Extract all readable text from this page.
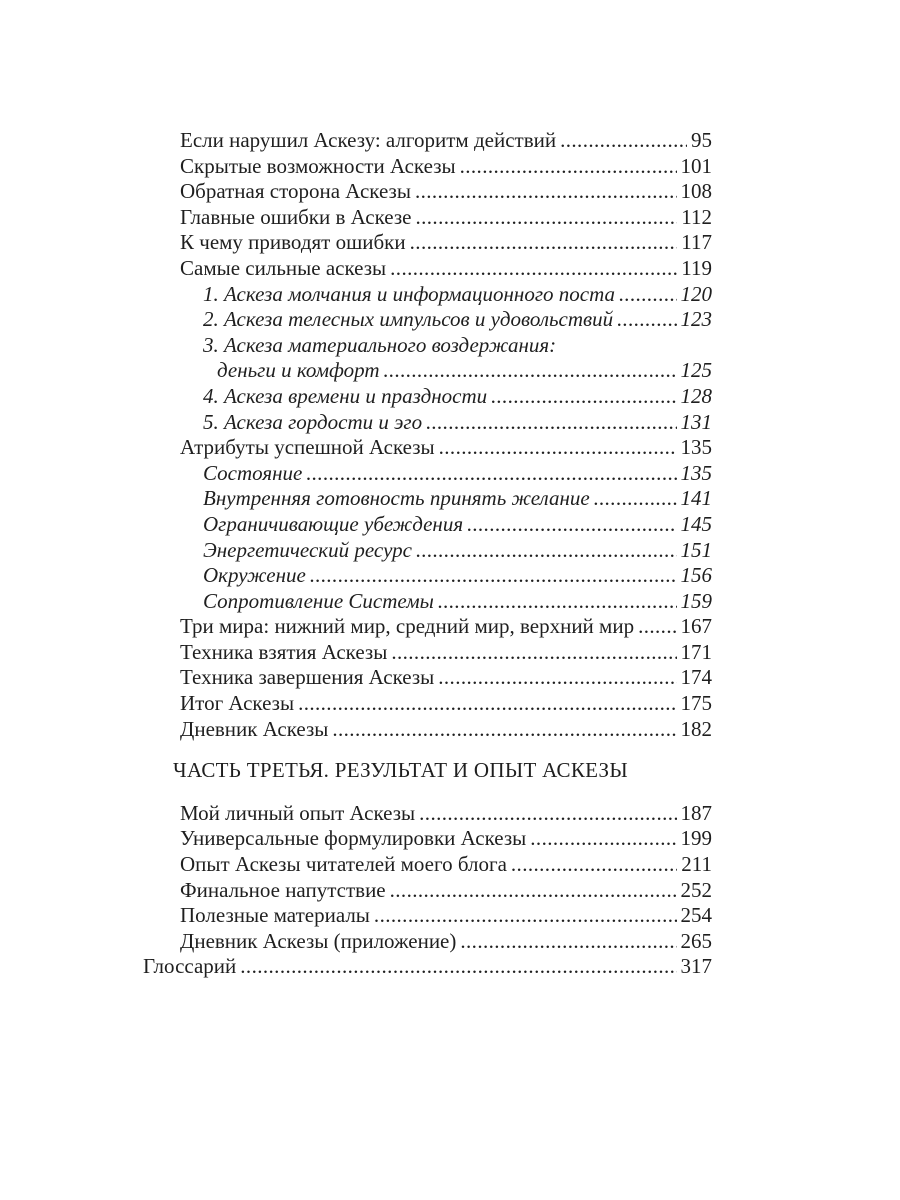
Если нарушил Аскезу: алгоритм действий .....	95
Скрытые возможности Аскезы .....	101
Обратная сторона Аскезы .....	108
Главные ошибки в Аскезе .....	112
К чему приводят ошибки .....	117
Самые сильные аскезы .....	119
1. Аскеза молчания и информационного поста .....	120
2. Аскеза телесных импульсов и удовольствий .....	123
3. Аскеза материального воздержания:
деньги и комфорт .....	125
4. Аскеза времени и праздности .....	128
5. Аскеза гордости и эго .....	131
Атрибуты успешной Аскезы .....	135
Состояние .....	135
Внутренняя готовность принять желание .....	141
Ограничивающие убеждения .....	145
Энергетический ресурс .....	151
Окружение .....	156
Сопротивление Системы .....	159
Три мира: нижний мир, средний мир, верхний мир ..... 167
Техника взятия Аскезы .....	171
Техника завершения Аскезы .....	174
Итог Аскезы .....	175
Дневник Аскезы .....	182
ЧАСТЬ ТРЕТЬЯ. РЕЗУЛЬТАТ И ОПЫТ АСКЕЗЫ
Мой личный опыт Аскезы .....	187
Универсальные формулировки Аскезы .....	199
Опыт Аскезы читателей моего блога .....	211
Финальное напутствие .....	252
Полезные материалы .....	254
Дневник Аскезы (приложение) .....	265
Глоссарий .....	317
